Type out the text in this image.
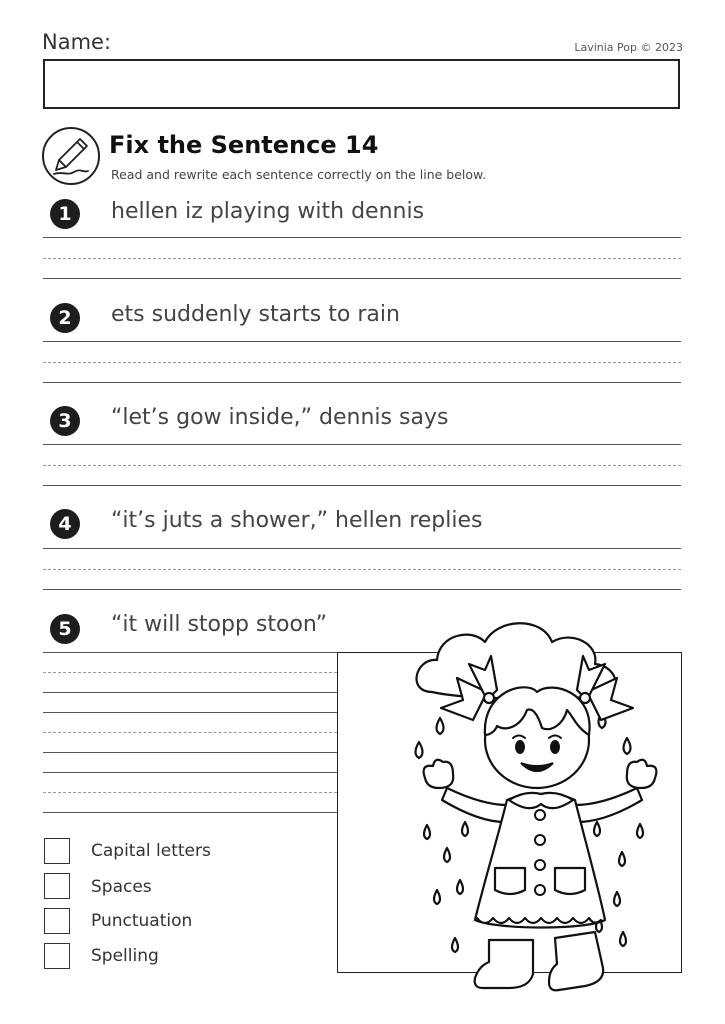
Name:	Lavinia Pop © 2023
Fix the Sentence 14
Read and rewrite each sentence correctly on the line below.
1	hellen iz playing with dennis
2	ets suddenly starts to rain
3	“let’s gow inside,” dennis says
4	“it’s juts a shower,” hellen replies
5	“it will stopp stoon”
Capital letters
Spaces
Punctuation
Spelling
